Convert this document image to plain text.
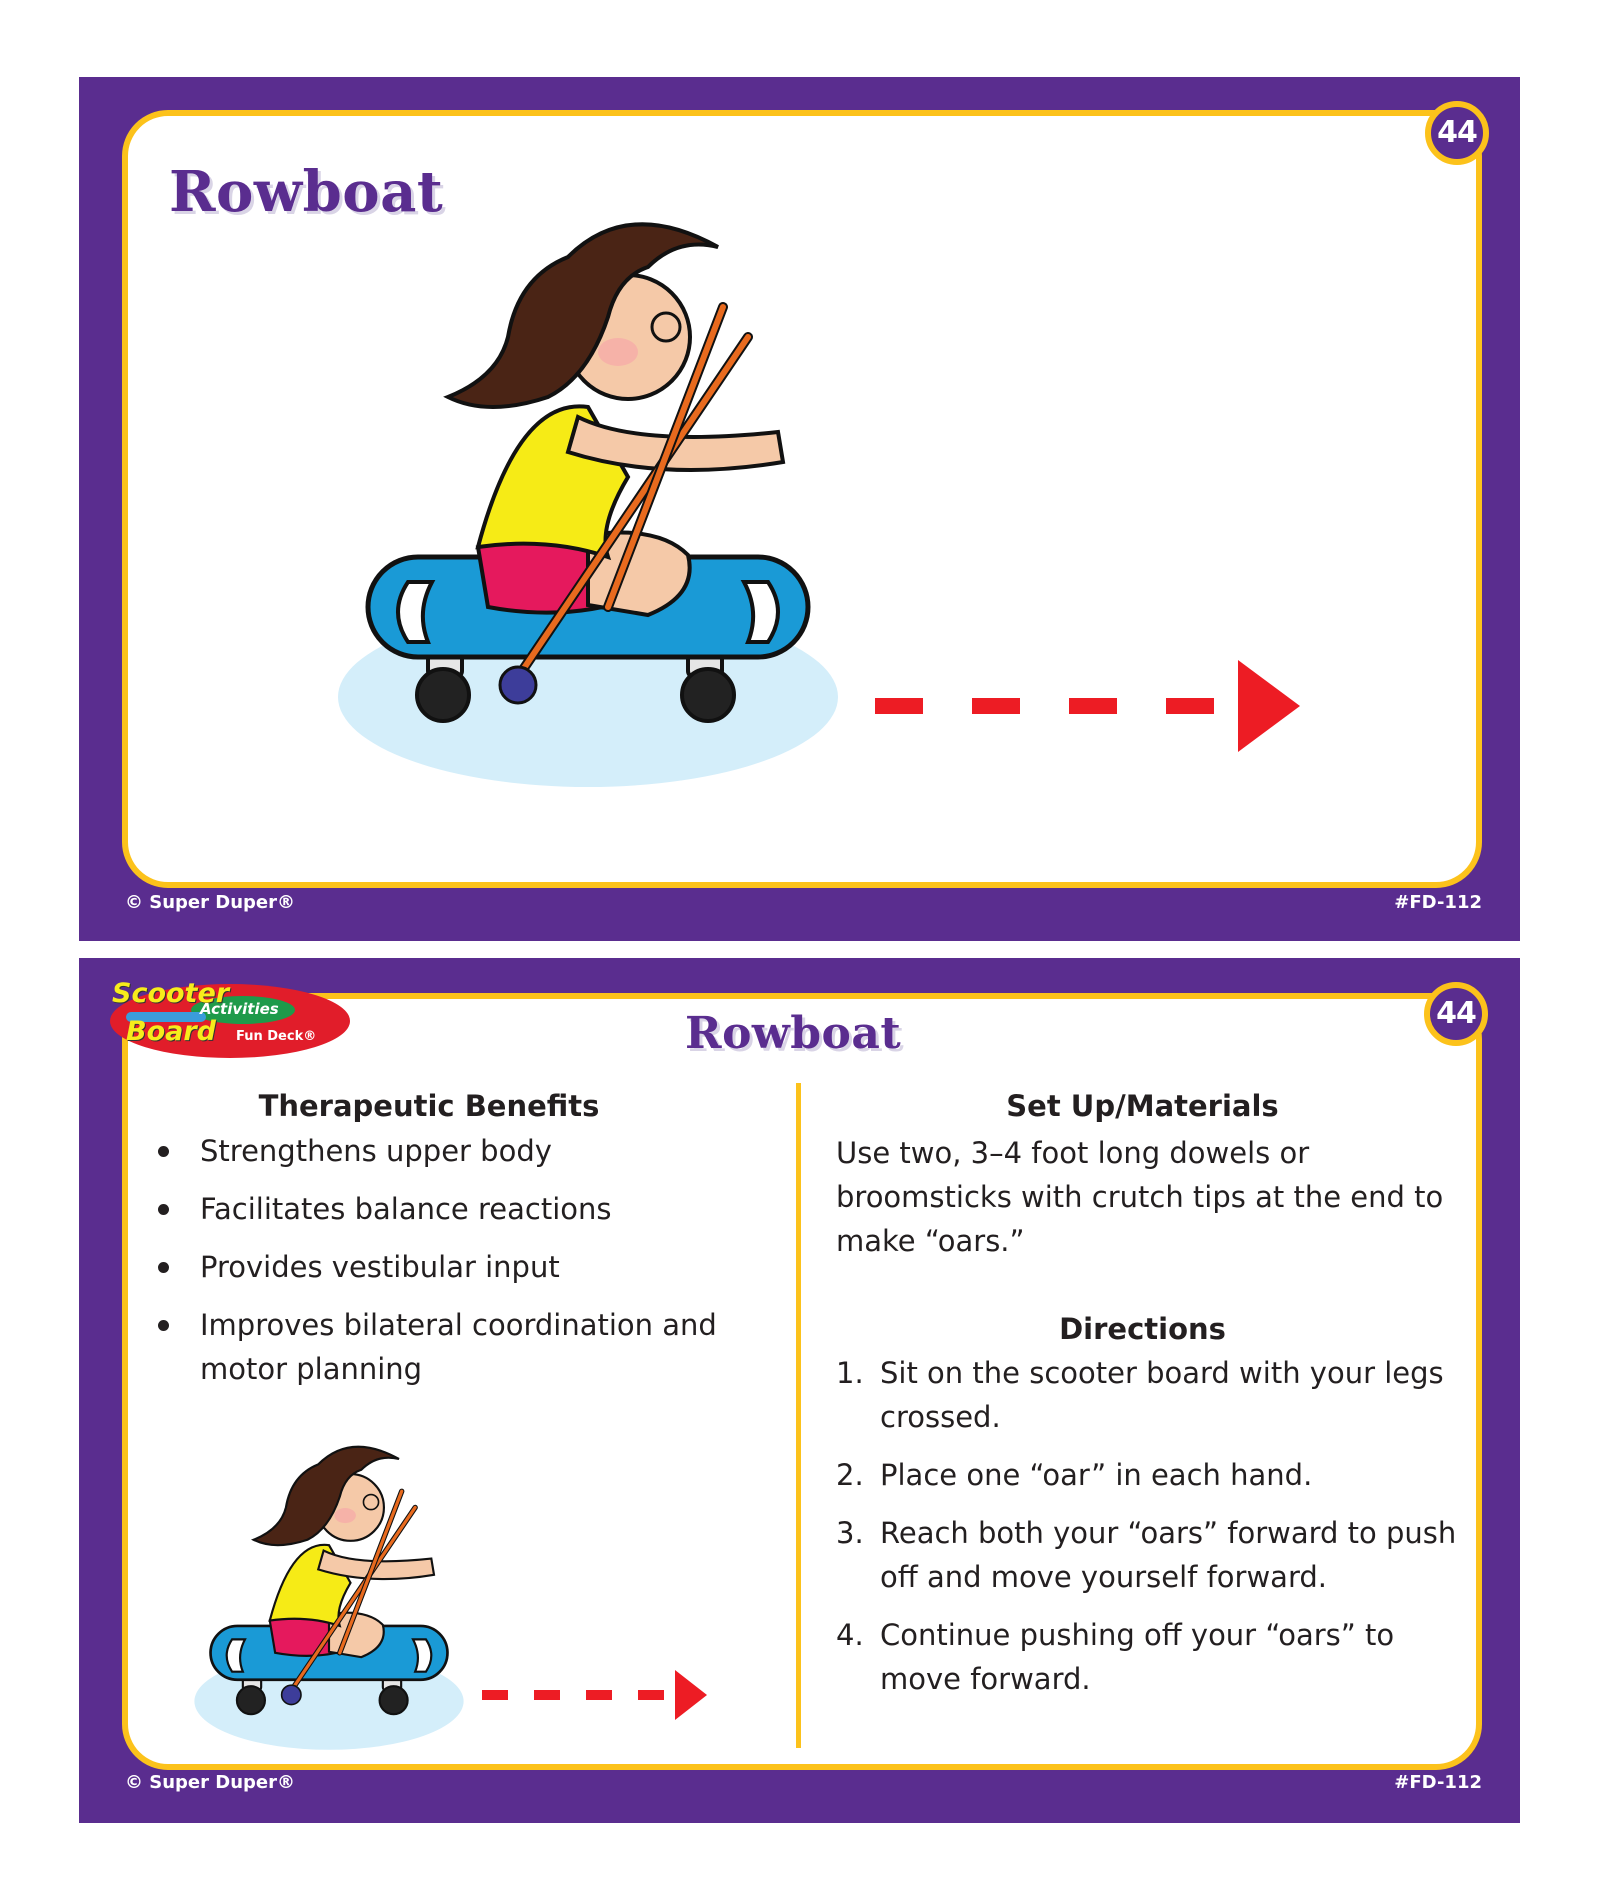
Rowboat
44
© Super Duper®	#FD-112
Scooter
Board
Activities
Fun Deck®	Rowboat	44
Therapeutic Benefits
Strengthens upper body
Facilitates balance reactions
Provides vestibular input
Improves bilateral coordination and motor planning
Set Up/Materials
Use two, 3–4 foot long dowels or broomsticks with crutch tips at the end to make “oars.”
Directions
1. Sit on the scooter board with your legs crossed.
2. Place one “oar” in each hand.
3. Reach both your “oars” forward to push off and move yourself forward.
4. Continue pushing off your “oars” to move forward.
© Super Duper®	#FD-112
